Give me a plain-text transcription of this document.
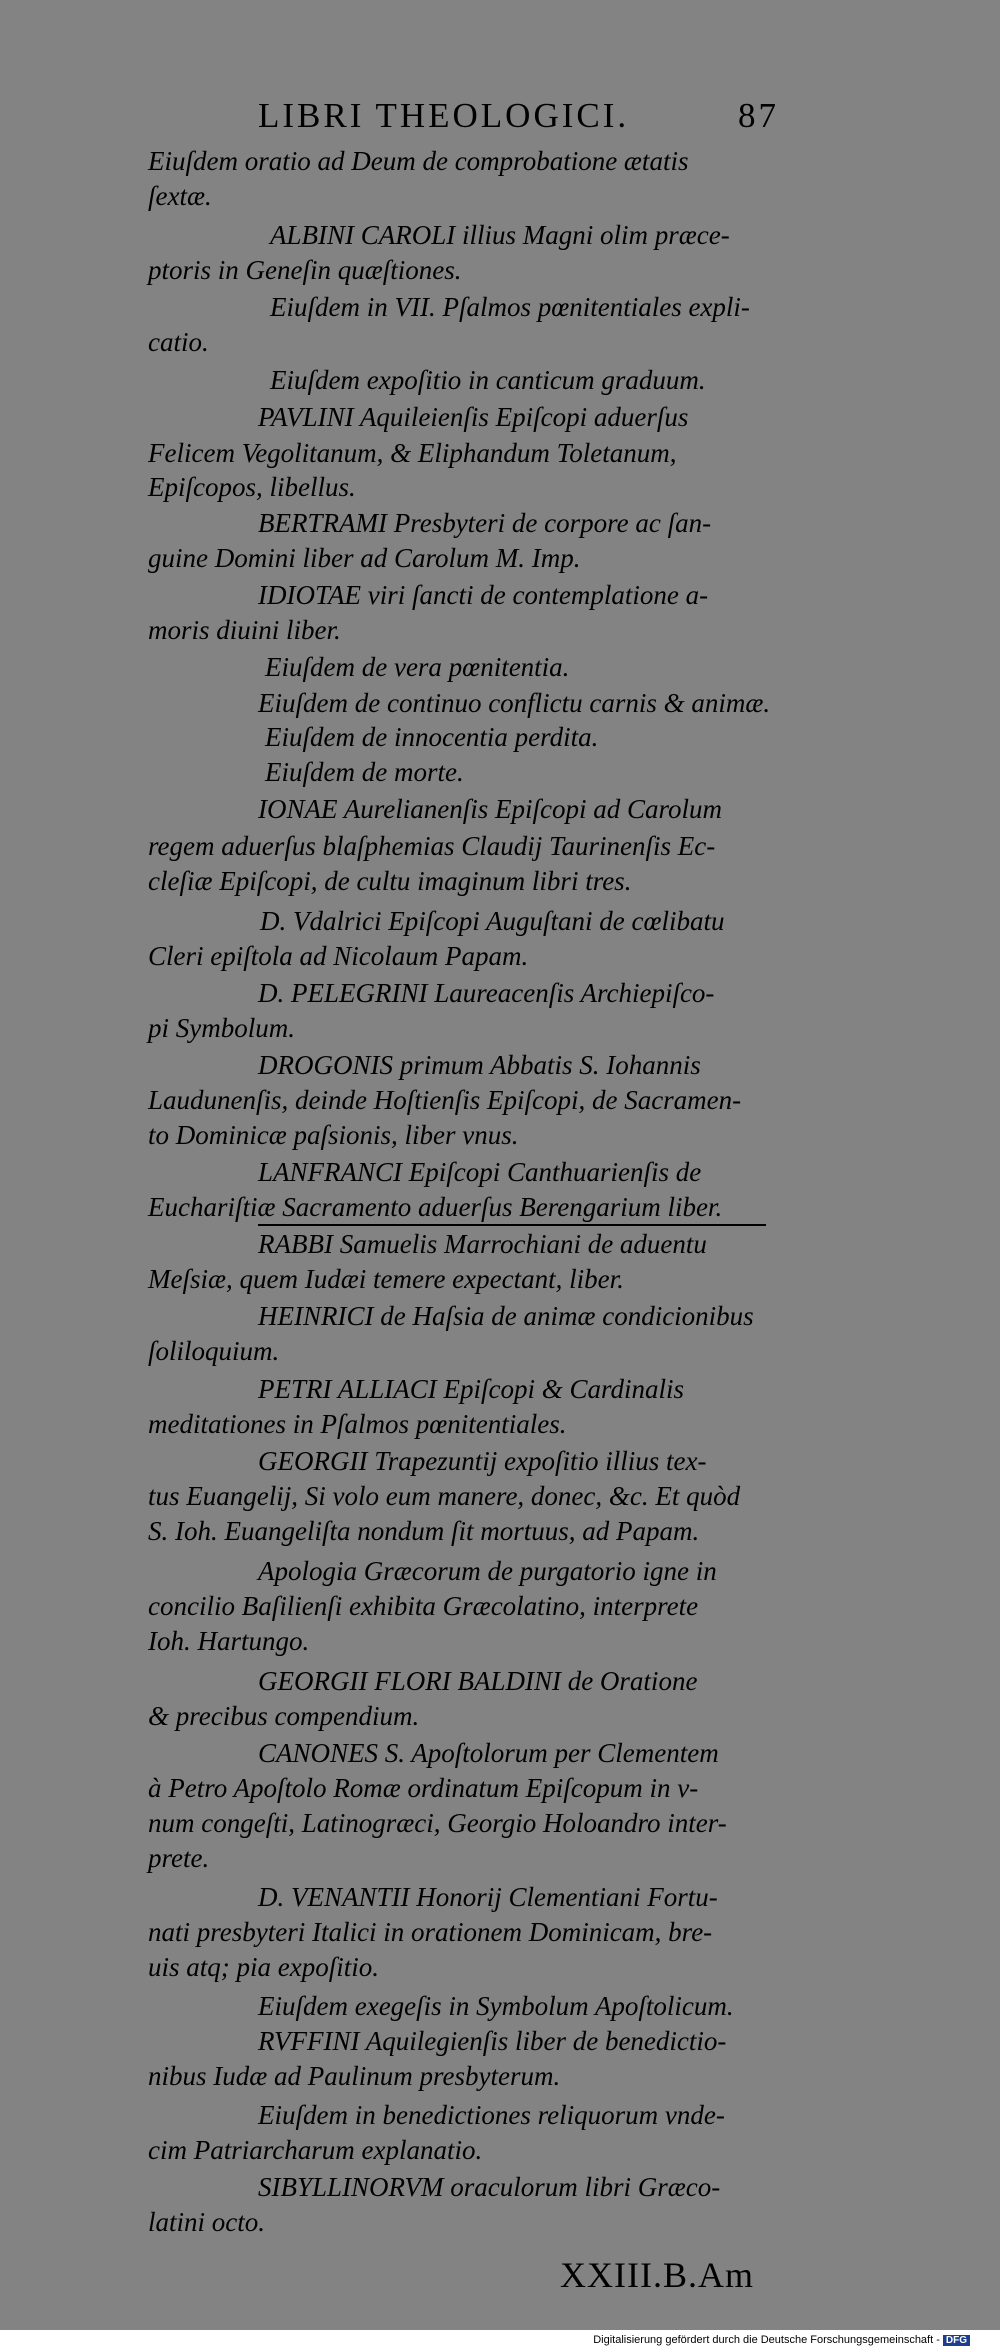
LIBRI THEOLOGICI.	87
Eiuſdem oratio ad Deum de comprobatione ætatis
ſextæ.
ALBINI CAROLI illius Magni olim præce-
ptoris in Geneſin quæſtiones.
Eiuſdem in VII. Pſalmos pœnitentiales expli-
catio.
Eiuſdem expoſitio in canticum graduum.
PAVLINI Aquileienſis Epiſcopi aduerſus
Felicem Vegolitanum, & Eliphandum Toletanum,
Epiſcopos, libellus.
BERTRAMI Presbyteri de corpore ac ſan-
guine Domini liber ad Carolum M. Imp.
IDIOTAE viri ſancti de contemplatione a-
moris diuini liber.
Eiuſdem de vera pœnitentia.
Eiuſdem de continuo conflictu carnis & animæ.
Eiuſdem de innocentia perdita.
Eiuſdem de morte.
IONAE Aurelianenſis Epiſcopi ad Carolum
regem aduerſus blaſphemias Claudij Taurinenſis Ec-
cleſiæ Epiſcopi, de cultu imaginum libri tres.
D. Vdalrici Epiſcopi Auguſtani de cœlibatu
Cleri epiſtola ad Nicolaum Papam.
D. PELEGRINI Laureacenſis Archiepiſco-
pi Symbolum.
DROGONIS primum Abbatis S. Iohannis
Laudunenſis, deinde Hoſtienſis Epiſcopi, de Sacramen-
to Dominicæ paſsionis, liber vnus.
LANFRANCI Epiſcopi Canthuarienſis de
Euchariſtiæ Sacramento aduerſus Berengarium liber.
RABBI Samuelis Marrochiani de aduentu
Meſsiæ, quem Iudæi temere expectant, liber.
HEINRICI de Haſsia de animæ condicionibus
ſoliloquium.
PETRI ALLIACI Epiſcopi & Cardinalis
meditationes in Pſalmos pœnitentiales.
GEORGII Trapezuntij expoſitio illius tex-
tus Euangelij, Si volo eum manere, donec, &c. Et quòd
S. Ioh. Euangeliſta nondum ſit mortuus, ad Papam.
Apologia Græcorum de purgatorio igne in
concilio Baſilienſi exhibita Græcolatino, interprete
Ioh. Hartungo.
GEORGII FLORI BALDINI de Oratione
& precibus compendium.
CANONES S. Apoſtolorum per Clementem
à Petro Apoſtolo Romæ ordinatum Epiſcopum in v-
num congeſti, Latinogræci, Georgio Holoandro inter-
prete.
D. VENANTII Honorij Clementiani Fortu-
nati presbyteri Italici in orationem Dominicam, bre-
uis atq; pia expoſitio.
Eiuſdem exegeſis in Symbolum Apoſtolicum.
RVFFINI Aquilegienſis liber de benedictio-
nibus Iudæ ad Paulinum presbyterum.
Eiuſdem in benedictiones reliquorum vnde-
cim Patriarcharum explanatio.
SIBYLLINORVM oraculorum libri Græco-
latini octo.
XXIII.B.Am
Digitalisierung gefördert durch die Deutsche Forschungsgemeinschaft - DFG
